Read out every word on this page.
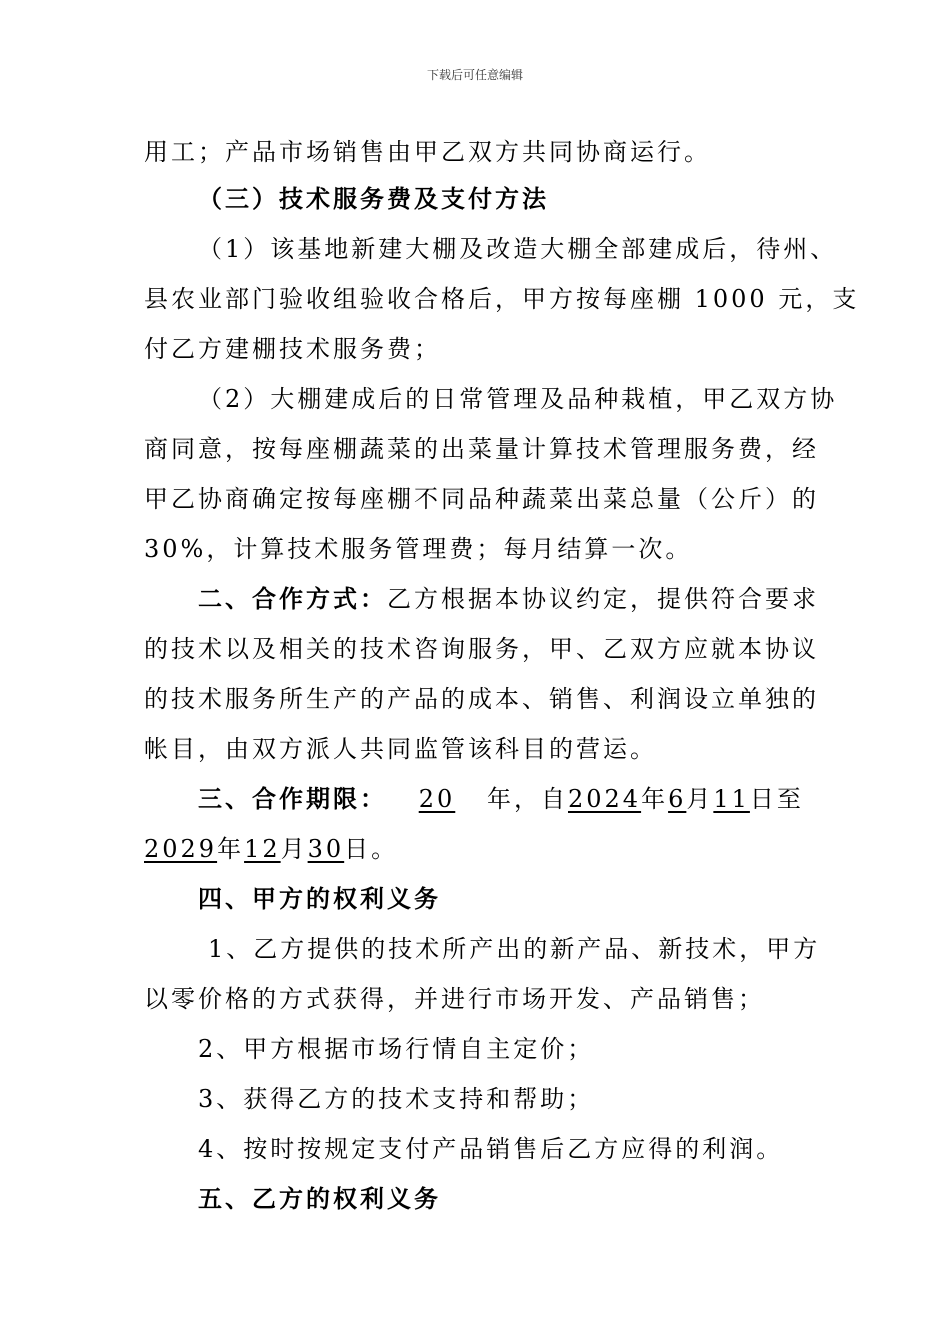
下载后可任意编辑
用工；产品市场销售由甲乙双方共同协商运行。
（三）技术服务费及支付方法
（1）该基地新建大棚及改造大棚全部建成后，待州、
县农业部门验收组验收合格后，甲方按每座棚 1000 元，支
付乙方建棚技术服务费；
（2）大棚建成后的日常管理及品种栽植，甲乙双方协
商同意，按每座棚蔬菜的出菜量计算技术管理服务费，经
甲乙协商确定按每座棚不同品种蔬菜出菜总量（公斤）的
30%，计算技术服务管理费；每月结算一次。
二、合作方式：乙方根据本协议约定，提供符合要求
的技术以及相关的技术咨询服务，甲、乙双方应就本协议
的技术服务所生产的产品的成本、销售、利润设立单独的
帐目，由双方派人共同监管该科目的营运。
三、合作期限： 20 年，自2024年6月11日至
2029年12月30日。
四、甲方的权利义务
1、乙方提供的技术所产出的新产品、新技术，甲方
以零价格的方式获得，并进行市场开发、产品销售；
2、甲方根据市场行情自主定价；
3、获得乙方的技术支持和帮助；
4、按时按规定支付产品销售后乙方应得的利润。
五、乙方的权利义务
